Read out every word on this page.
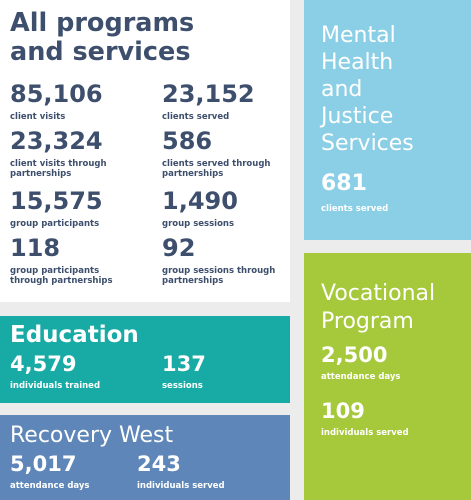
All programs
and services
85,106
client visits
23,152
clients served
23,324
client visits through
partnerships
586
clients served through
partnerships
15,575
group participants
1,490
group sessions
118
group participants
through partnerships
92
group sessions through
partnerships
Mental
Health
and
Justice
Services
681
clients served
Vocational
Program
2,500
attendance days
109
individuals served
Education
4,579
individuals trained
137
sessions
Recovery West
5,017
attendance days
243
individuals served
